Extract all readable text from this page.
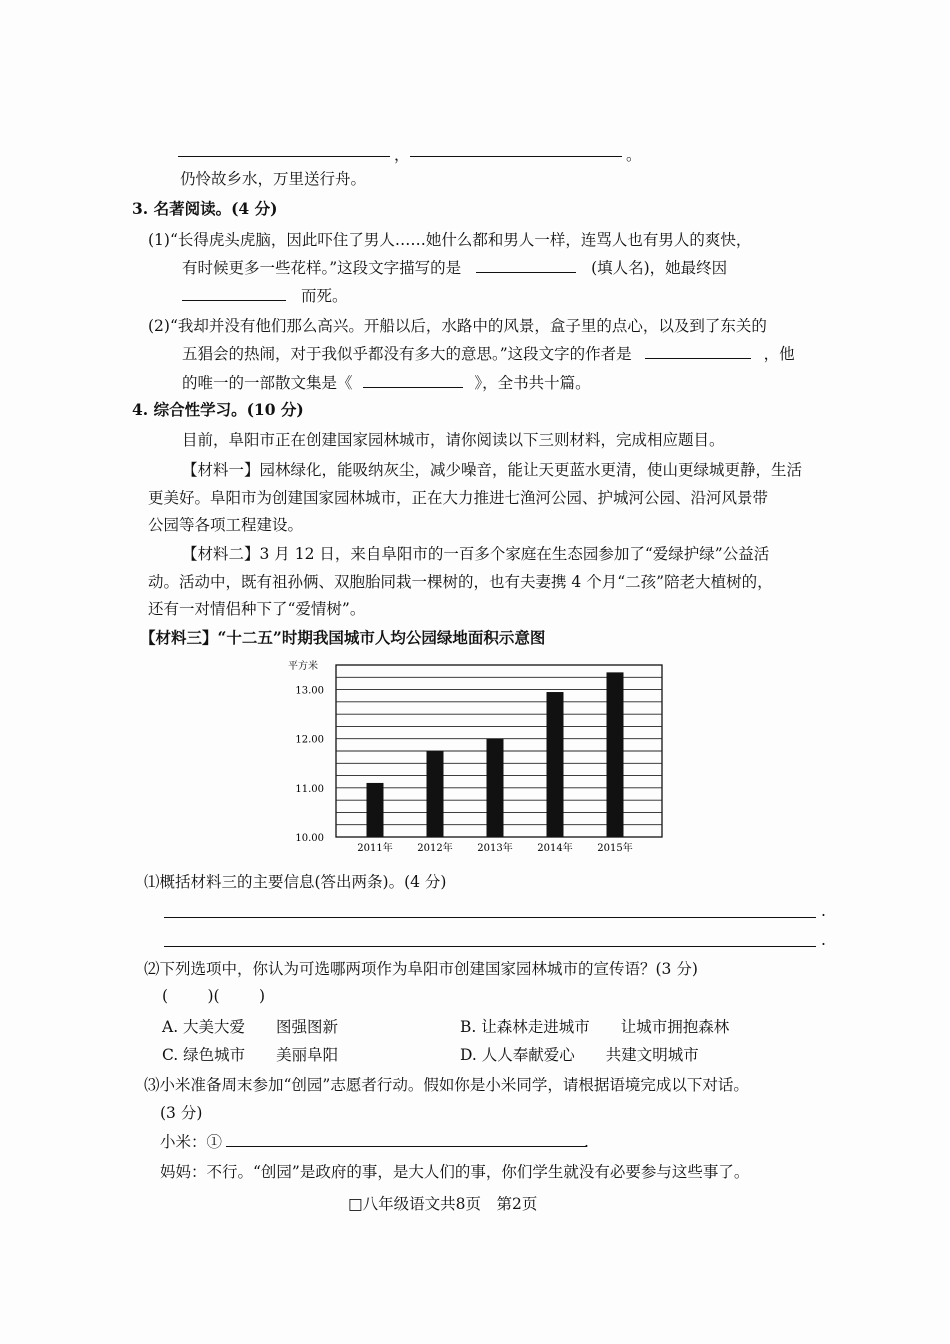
，	。
仍怜故乡水，万里送行舟。
3. 名著阅读。(4 分)
(1)“长得虎头虎脑，因此吓住了男人……她什么都和男人一样，连骂人也有男人的爽快，
有时候更多一些花样。”这段文字描写的是	(填人名)，她最终因
而死。
(2)“我却并没有他们那么高兴。开船以后，水路中的风景，盒子里的点心，以及到了东关的
五猖会的热闹，对于我似乎都没有多大的意思。”这段文字的作者是	，他
的唯一的一部散文集是《	》，全书共十篇。
4. 综合性学习。(10 分)
目前，阜阳市正在创建国家园林城市，请你阅读以下三则材料，完成相应题目。
【材料一】园林绿化，能吸纳灰尘，减少噪音，能让天更蓝水更清，使山更绿城更静，生活
更美好。阜阳市为创建国家园林城市，正在大力推进七渔河公园、护城河公园、沿河风景带
公园等各项工程建设。
【材料二】3 月 12 日，来自阜阳市的一百多个家庭在生态园参加了“爱绿护绿”公益活
动。活动中，既有祖孙俩、双胞胎同栽一棵树的，也有夫妻携 4 个月“二孩”陪老大植树的，
还有一对情侣种下了“爱情树”。
【材料三】“十二五”时期我国城市人均公园绿地面积示意图
10.00
11.00
12.00
13.00
平方米
2011年 2012年 2013年 2014年 2015年
⑴概括材料三的主要信息(答出两条)。(4 分)
.
.
⑵下列选项中，你认为可选哪两项作为阜阳市创建国家园林城市的宣传语？(3 分)
(        )(        )
A. 大美大爱　　图强图新	B. 让森林走进城市　　让城市拥抱森林
C. 绿色城市　　美丽阜阳	D. 人人奉献爱心　　共建文明城市
⑶小米准备周末参加“创园”志愿者行动。假如你是小米同学，请根据语境完成以下对话。
(3 分)
小米：①	.
妈妈：不行。“创园”是政府的事，是大人们的事，你们学生就没有必要参与这些事了。
□八年级语文共8页　第2页
